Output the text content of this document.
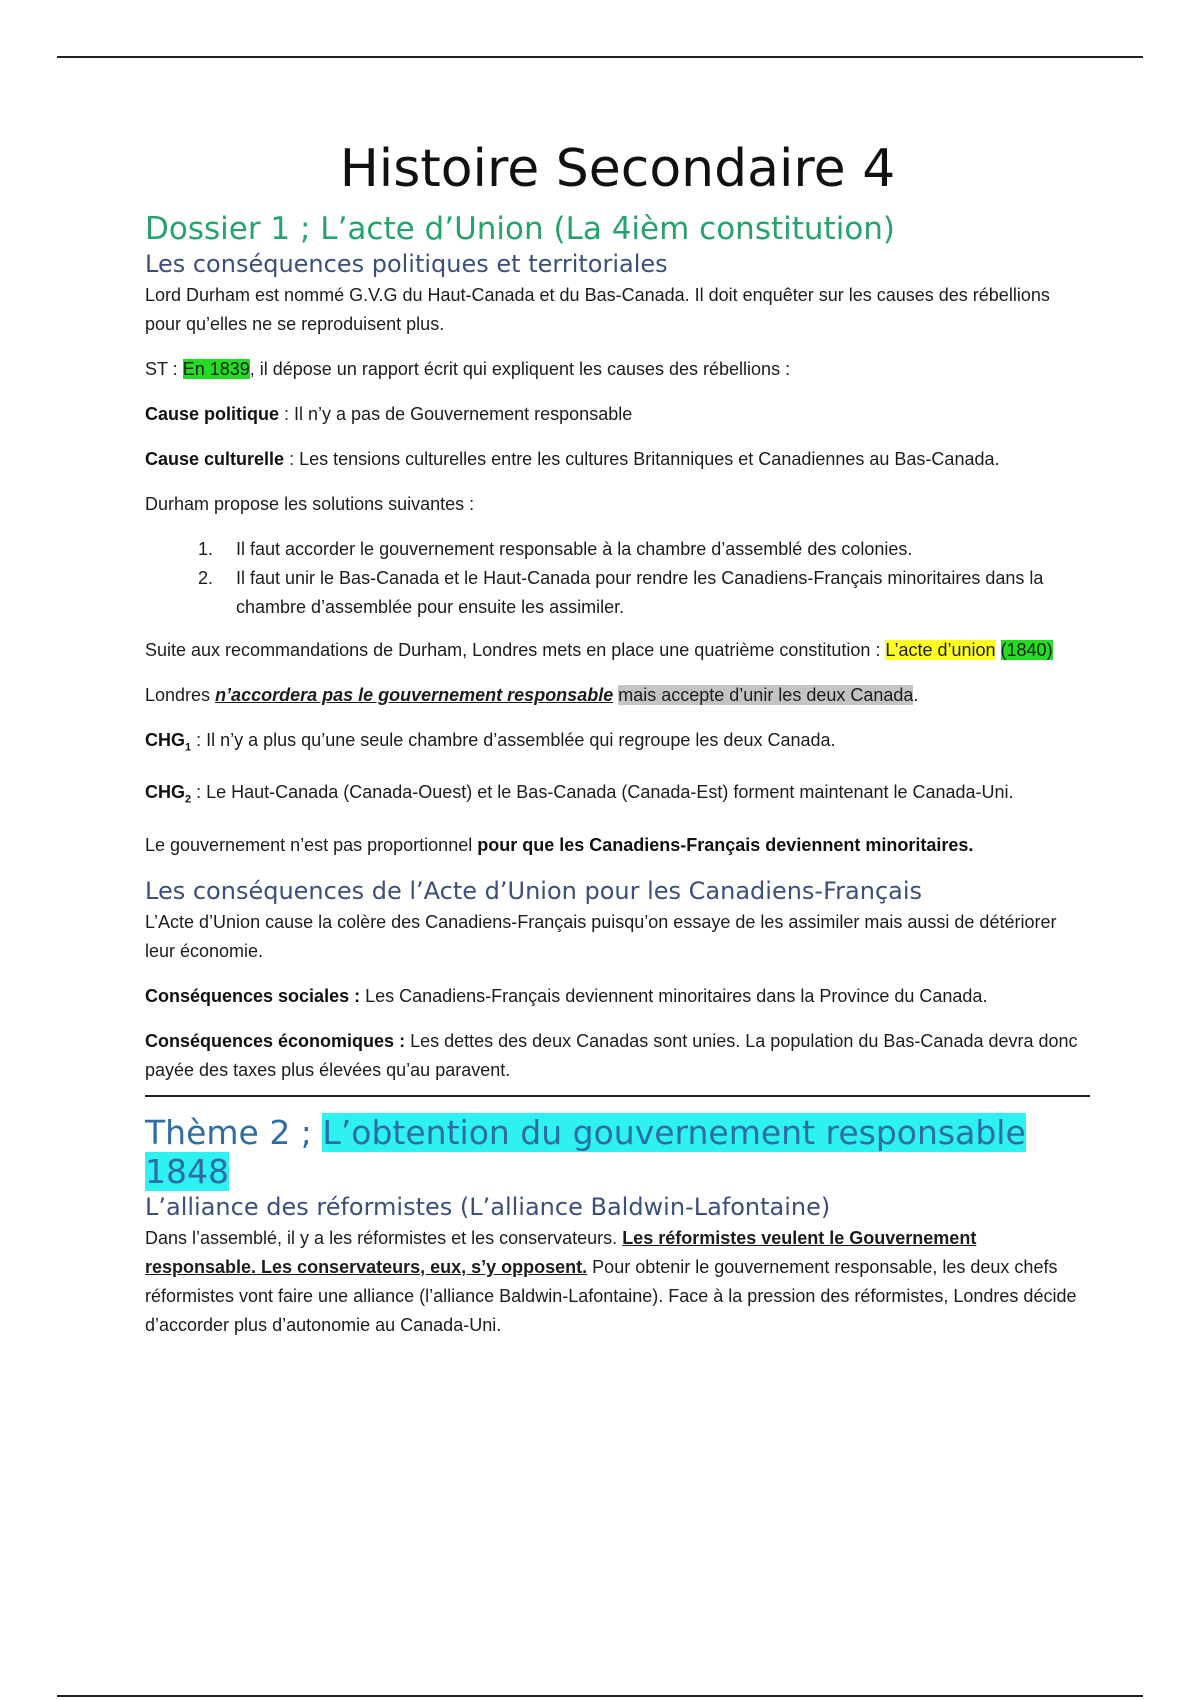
Histoire Secondaire 4
Dossier 1 ; L’acte d’Union (La 4ièm constitution)
Les conséquences politiques et territoriales

Lord Durham est nommé G.V.G du Haut-Canada et du Bas-Canada. Il doit enquêter sur les causes des rébellions pour qu’elles ne se reproduisent plus.

ST : En 1839, il dépose un rapport écrit qui expliquent les causes des rébellions :

Cause politique : Il n’y a pas de Gouvernement responsable

Cause culturelle : Les tensions culturelles entre les cultures Britanniques et Canadiennes au Bas-Canada.

Durham propose les solutions suivantes :

1. Il faut accorder le gouvernement responsable à la chambre d’assemblé des colonies.
2. Il faut unir le Bas-Canada et le Haut-Canada pour rendre les Canadiens-Français minoritaires dans la chambre d’assemblée pour ensuite les assimiler.

Suite aux recommandations de Durham, Londres mets en place une quatrième constitution : L’acte d’union (1840)

Londres n’accordera pas le gouvernement responsable mais accepte d’unir les deux Canada.

$CHG_1$ : Il n’y a plus qu’une seule chambre d’assemblée qui regroupe les deux Canada.

$CHG_2$ : Le Haut-Canada (Canada-Ouest) et le Bas-Canada (Canada-Est) forment maintenant le Canada-Uni.

Le gouvernement n’est pas proportionnel pour que les Canadiens-Français deviennent minoritaires.

Les conséquences de l’Acte d’Union pour les Canadiens-Français

L’Acte d’Union cause la colère des Canadiens-Français puisqu’on essaye de les assimiler mais aussi de détériorer leur économie.

Conséquences sociales : Les Canadiens-Français deviennent minoritaires dans la Province du Canada.

Conséquences économiques : Les dettes des deux Canadas sont unies. La population du Bas-Canada devra donc payée des taxes plus élevées qu’au paravent.

Thème 2 ; L’obtention du gouvernement responsable 1848
L’alliance des réformistes (L’alliance Baldwin-Lafontaine)

Dans l’assemblé, il y a les réformistes et les conservateurs. Les réformistes veulent le Gouvernement responsable. Les conservateurs, eux, s’y opposent. Pour obtenir le gouvernement responsable, les deux chefs réformistes vont faire une alliance (l’alliance Baldwin-Lafontaine). Face à la pression des réformistes, Londres décide d’accorder plus d’autonomie au Canada-Uni.
